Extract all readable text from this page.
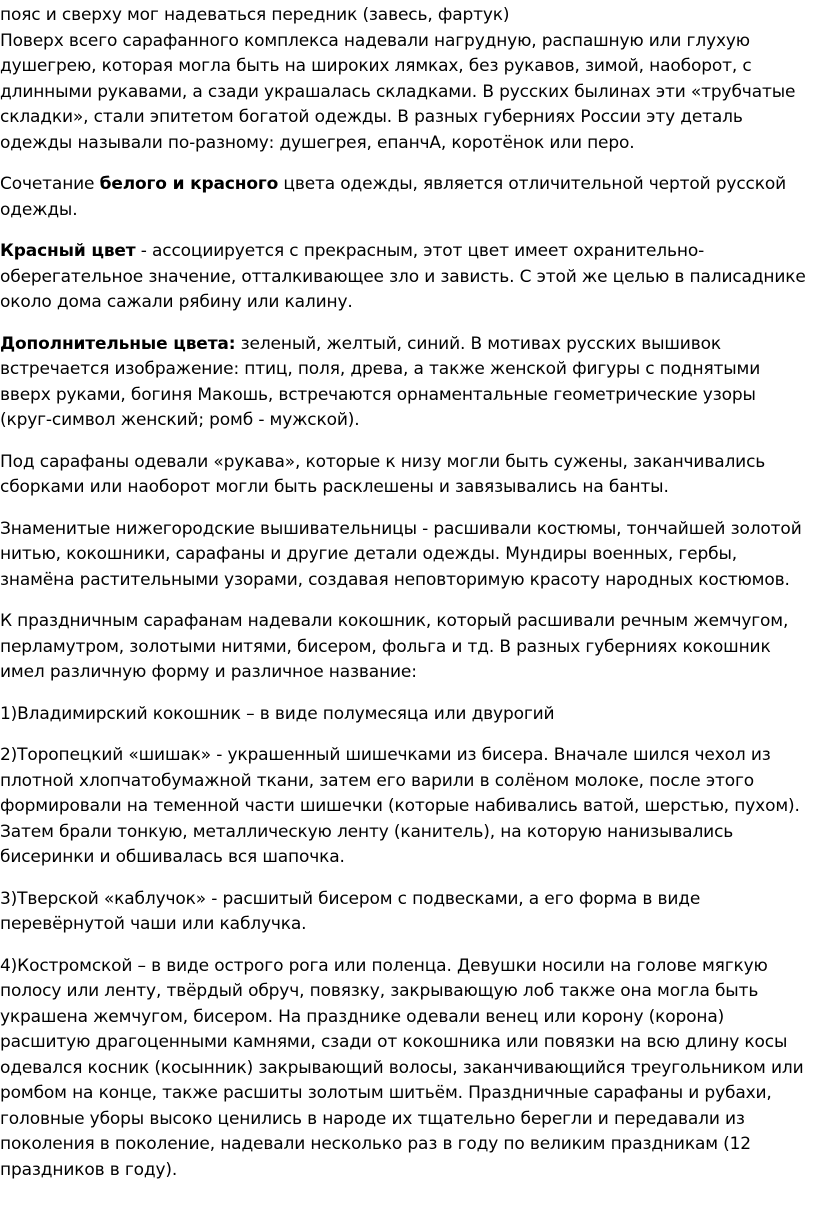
пояс и сверху мог надеваться передник (завесь, фартук)
Поверх всего сарафанного комплекса надевали нагрудную, распашную или глухую душегрею, которая могла быть на широких лямках, без рукавов, зимой, наоборот, с длинными рукавами, а сзади украшалась складками. В русских былинах эти «трубчатые складки», стали эпитетом богатой одежды. В разных губерниях России эту деталь одежды называли по-разному: душегрея, епанчА, коротёнок или перо.

Сочетание белого и красного цвета одежды, является отличительной чертой русской одежды.

Красный цвет - ассоциируется с прекрасным, этот цвет имеет охранительно-оберегательное значение, отталкивающее зло и зависть. С этой же целью в палисаднике около дома сажали рябину или калину.

Дополнительные цвета: зеленый, желтый, синий. В мотивах русских вышивок встречается изображение: птиц, поля, древа, а также женской фигуры с поднятыми вверх руками, богиня Макошь, встречаются орнаментальные геометрические узоры (круг-символ женский; ромб - мужской).

Под сарафаны одевали «рукава», которые к низу могли быть сужены, заканчивались сборками или наоборот могли быть расклешены и завязывались на банты.

Знаменитые нижегородские вышивательницы - расшивали костюмы, тончайшей золотой нитью, кокошники, сарафаны и другие детали одежды. Мундиры военных, гербы, знамёна растительными узорами, создавая неповторимую красоту народных костюмов.

К праздничным сарафанам надевали кокошник, который расшивали речным жемчугом, перламутром, золотыми нитями, бисером, фольга и тд. В разных губерниях кокошник имел различную форму и различное название:

1)Владимирский кокошник – в виде полумесяца или двурогий

2)Торопецкий «шишак» - украшенный шишечками из бисера. Вначале шился чехол из плотной хлопчатобумажной ткани, затем его варили в солёном молоке, после этого формировали на теменной части шишечки (которые набивались ватой, шерстью, пухом). Затем брали тонкую, металлическую ленту (канитель), на которую нанизывались бисеринки и обшивалась вся шапочка.

3)Тверской «каблучок» - расшитый бисером с подвесками, а его форма в виде перевёрнутой чаши или каблучка.

4)Костромской – в виде острого рога или поленца. Девушки носили на голове мягкую полосу или ленту, твёрдый обруч, повязку, закрывающую лоб также она могла быть украшена жемчугом, бисером. На празднике одевали венец или корону (корона) расшитую драгоценными камнями, сзади от кокошника или повязки на всю длину косы одевался косник (косынник) закрывающий волосы, заканчивающийся треугольником или ромбом на конце, также расшиты золотым шитьём. Праздничные сарафаны и рубахи, головные уборы высоко ценились в народе их тщательно берегли и передавали из поколения в поколение, надевали несколько раз в году по великим праздникам (12 праздников в году).
